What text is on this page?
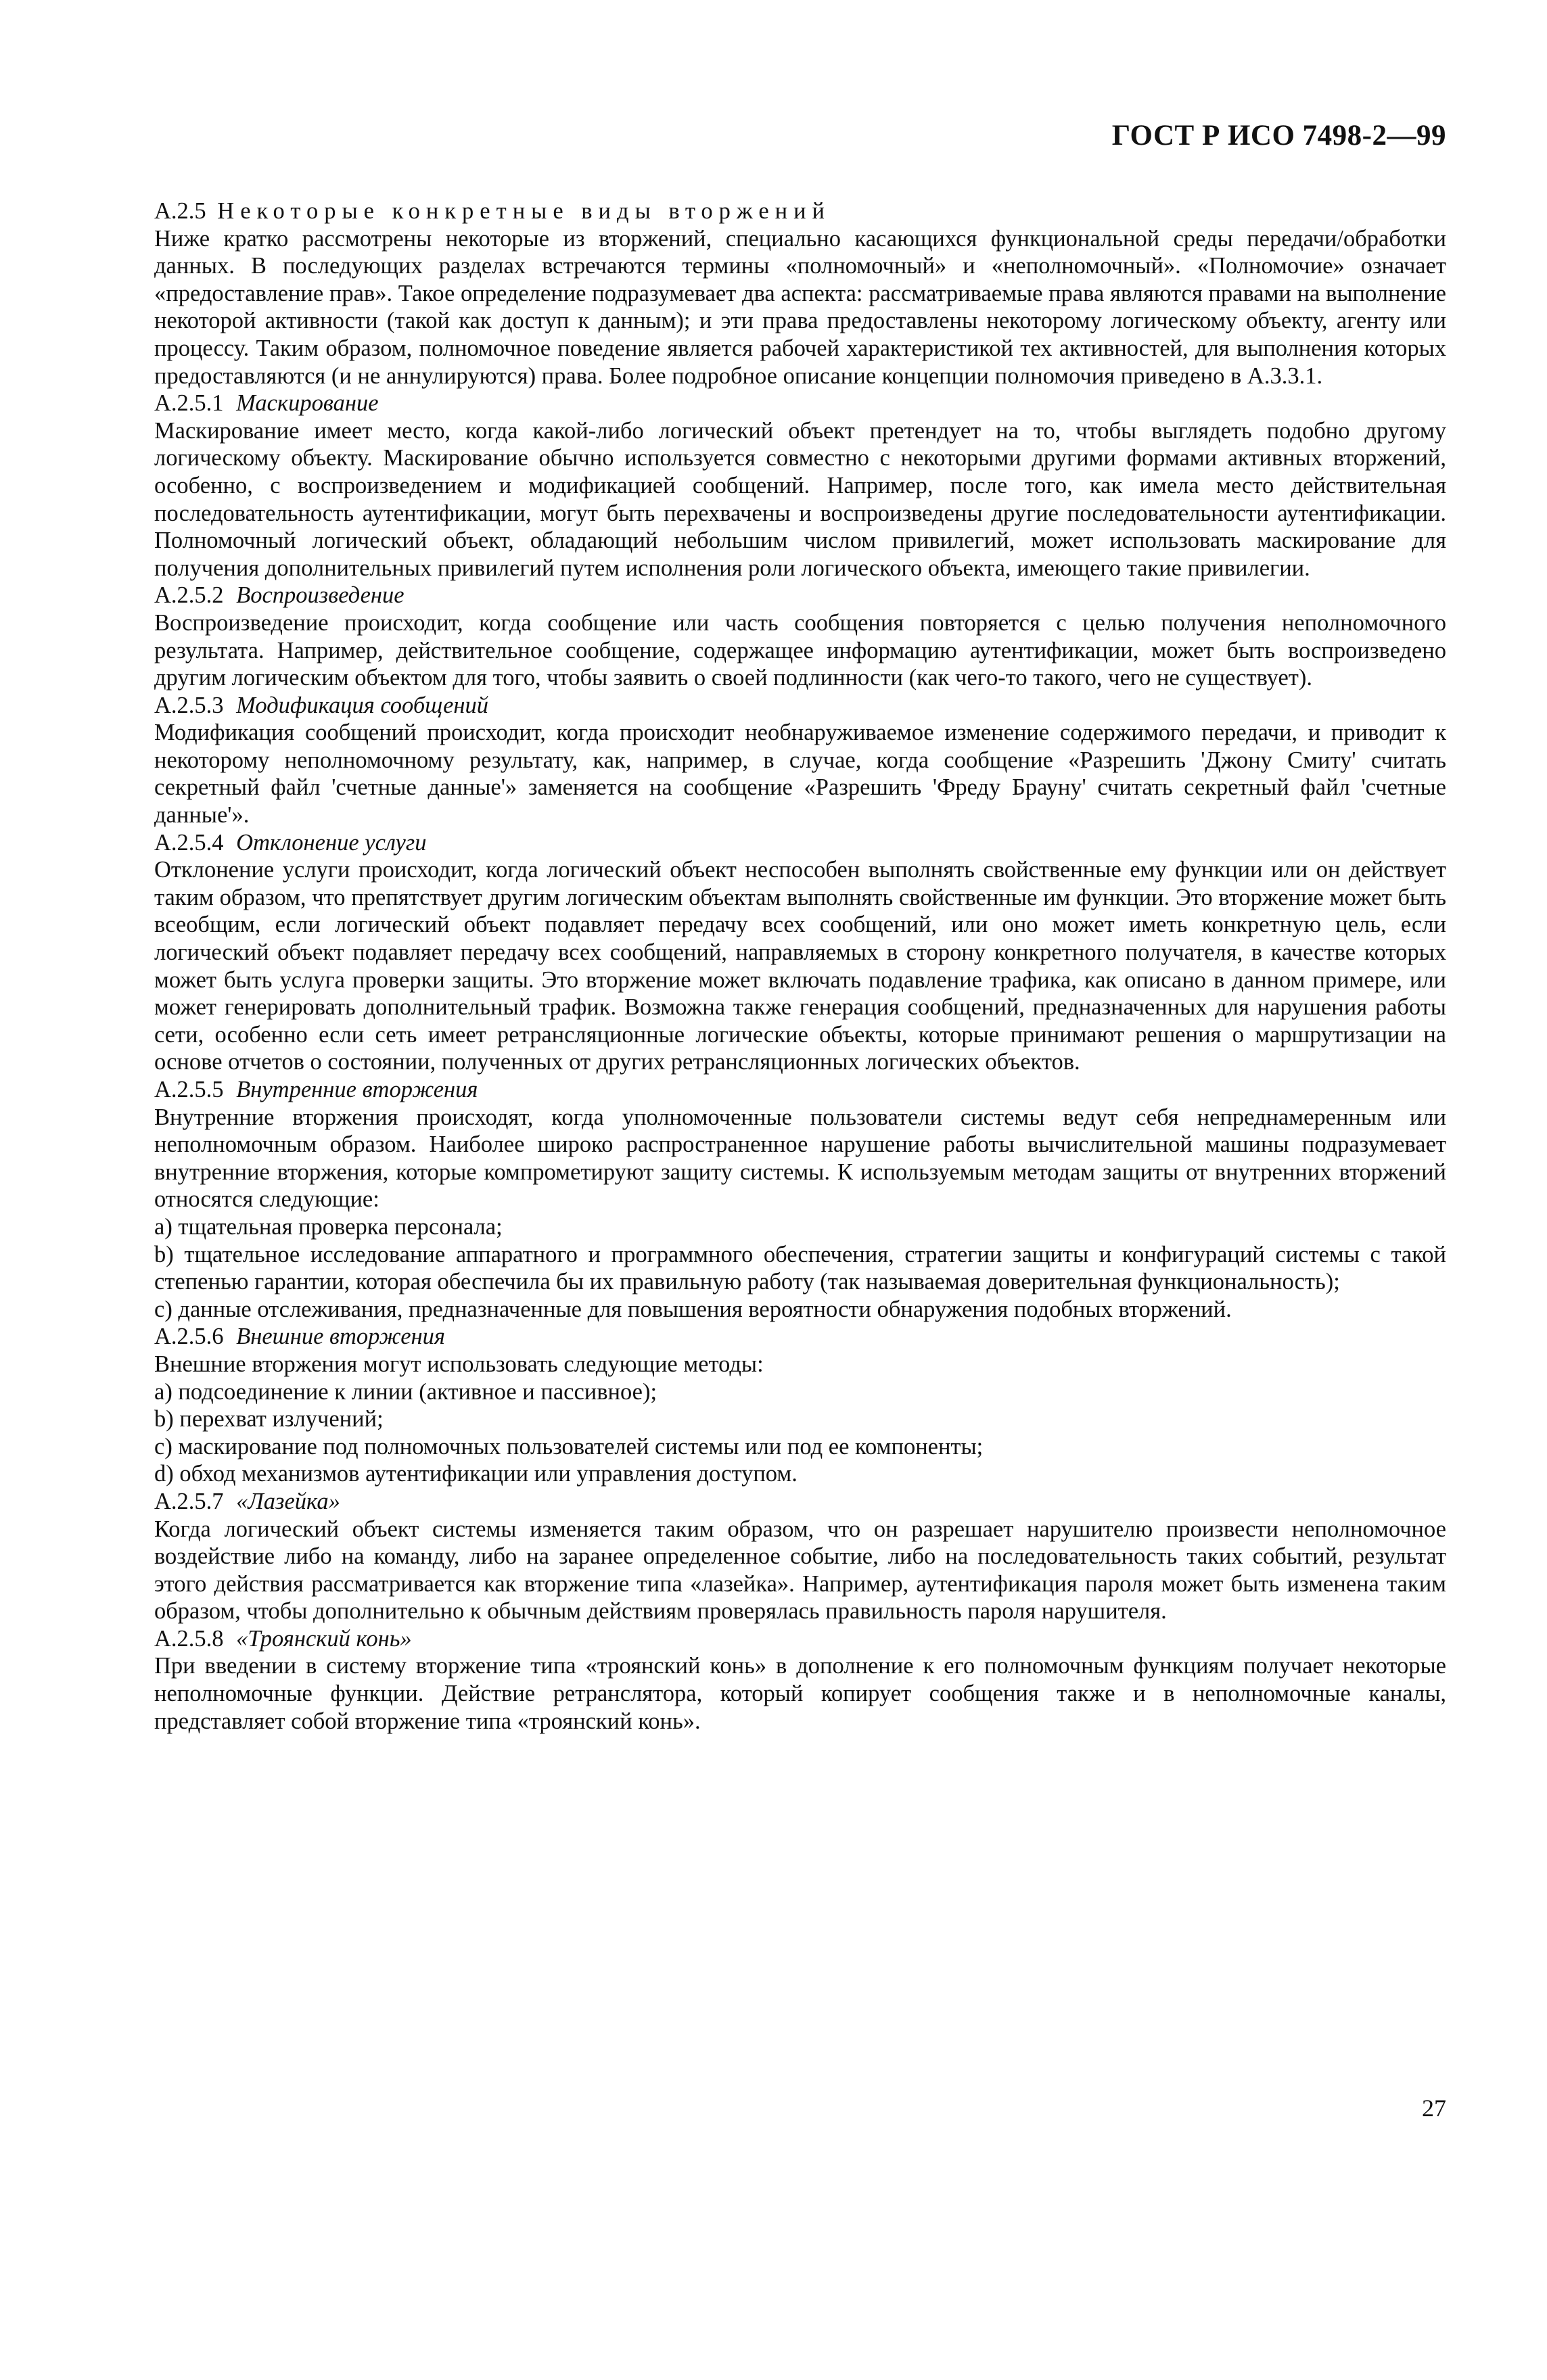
ГОСТ Р ИСО 7498-2—99
A.2.5 Некоторые конкретные виды вторжений

Ниже кратко рассмотрены некоторые из вторжений, специально касающихся функциональной среды передачи/обработки данных. В последующих разделах встречаются термины «полномочный» и «неполномочный». «Полномочие» означает «предоставление прав». Такое определение подразумевает два аспекта: рассматриваемые права являются правами на выполнение некоторой активности (такой как доступ к данным); и эти права предоставлены некоторому логическому объекту, агенту или процессу. Таким образом, полномочное поведение является рабочей характеристикой тех активностей, для выполнения которых предоставляются (и не аннулируются) права. Более подробное описание концепции полномочия приведено в A.3.3.1.

A.2.5.1 Маскирование

Маскирование имеет место, когда какой-либо логический объект претендует на то, чтобы выглядеть подобно другому логическому объекту. Маскирование обычно используется совместно с некоторыми другими формами активных вторжений, особенно, с воспроизведением и модификацией сообщений. Например, после того, как имела место действительная последовательность аутентификации, могут быть перехвачены и воспроизведены другие последовательности аутентификации. Полномочный логический объект, обладающий небольшим числом привилегий, может использовать маскирование для получения дополнительных привилегий путем исполнения роли логического объекта, имеющего такие привилегии.

A.2.5.2 Воспроизведение

Воспроизведение происходит, когда сообщение или часть сообщения повторяется с целью получения неполномочного результата. Например, действительное сообщение, содержащее информацию аутентификации, может быть воспроизведено другим логическим объектом для того, чтобы заявить о своей подлинности (как чего-то такого, чего не существует).

A.2.5.3 Модификация сообщений

Модификация сообщений происходит, когда происходит необнаруживаемое изменение содержимого передачи, и приводит к некоторому неполномочному результату, как, например, в случае, когда сообщение «Разрешить 'Джону Смиту' считать секретный файл 'счетные данные'» заменяется на сообщение «Разрешить 'Фреду Брауну' считать секретный файл 'счетные данные'».

A.2.5.4 Отклонение услуги

Отклонение услуги происходит, когда логический объект неспособен выполнять свойственные ему функции или он действует таким образом, что препятствует другим логическим объектам выполнять свойственные им функции. Это вторжение может быть всеобщим, если логический объект подавляет передачу всех сообщений, или оно может иметь конкретную цель, если логический объект подавляет передачу всех сообщений, направляемых в сторону конкретного получателя, в качестве которых может быть услуга проверки защиты. Это вторжение может включать подавление трафика, как описано в данном примере, или может генерировать дополнительный трафик. Возможна также генерация сообщений, предназначенных для нарушения работы сети, особенно если сеть имеет ретрансляционные логические объекты, которые принимают решения о маршрутизации на основе отчетов о состоянии, полученных от других ретрансляционных логических объектов.

A.2.5.5 Внутренние вторжения

Внутренние вторжения происходят, когда уполномоченные пользователи системы ведут себя непреднамеренным или неполномочным образом. Наиболее широко распространенное нарушение работы вычислительной машины подразумевает внутренние вторжения, которые компрометируют защиту системы. К используемым методам защиты от внутренних вторжений относятся следующие:

a) тщательная проверка персонала;

b) тщательное исследование аппаратного и программного обеспечения, стратегии защиты и конфигураций системы с такой степенью гарантии, которая обеспечила бы их правильную работу (так называемая доверительная функциональность);

c) данные отслеживания, предназначенные для повышения вероятности обнаружения подобных вторжений.

A.2.5.6 Внешние вторжения

Внешние вторжения могут использовать следующие методы:

a) подсоединение к линии (активное и пассивное);

b) перехват излучений;

c) маскирование под полномочных пользователей системы или под ее компоненты;

d) обход механизмов аутентификации или управления доступом.

A.2.5.7 «Лазейка»

Когда логический объект системы изменяется таким образом, что он разрешает нарушителю произвести неполномочное воздействие либо на команду, либо на заранее определенное событие, либо на последовательность таких событий, результат этого действия рассматривается как вторжение типа «лазейка». Например, аутентификация пароля может быть изменена таким образом, чтобы дополнительно к обычным действиям проверялась правильность пароля нарушителя.

A.2.5.8 «Троянский конь»

При введении в систему вторжение типа «троянский конь» в дополнение к его полномочным функциям получает некоторые неполномочные функции. Действие ретранслятора, который копирует сообщения также и в неполномочные каналы, представляет собой вторжение типа «троянский конь».

27
